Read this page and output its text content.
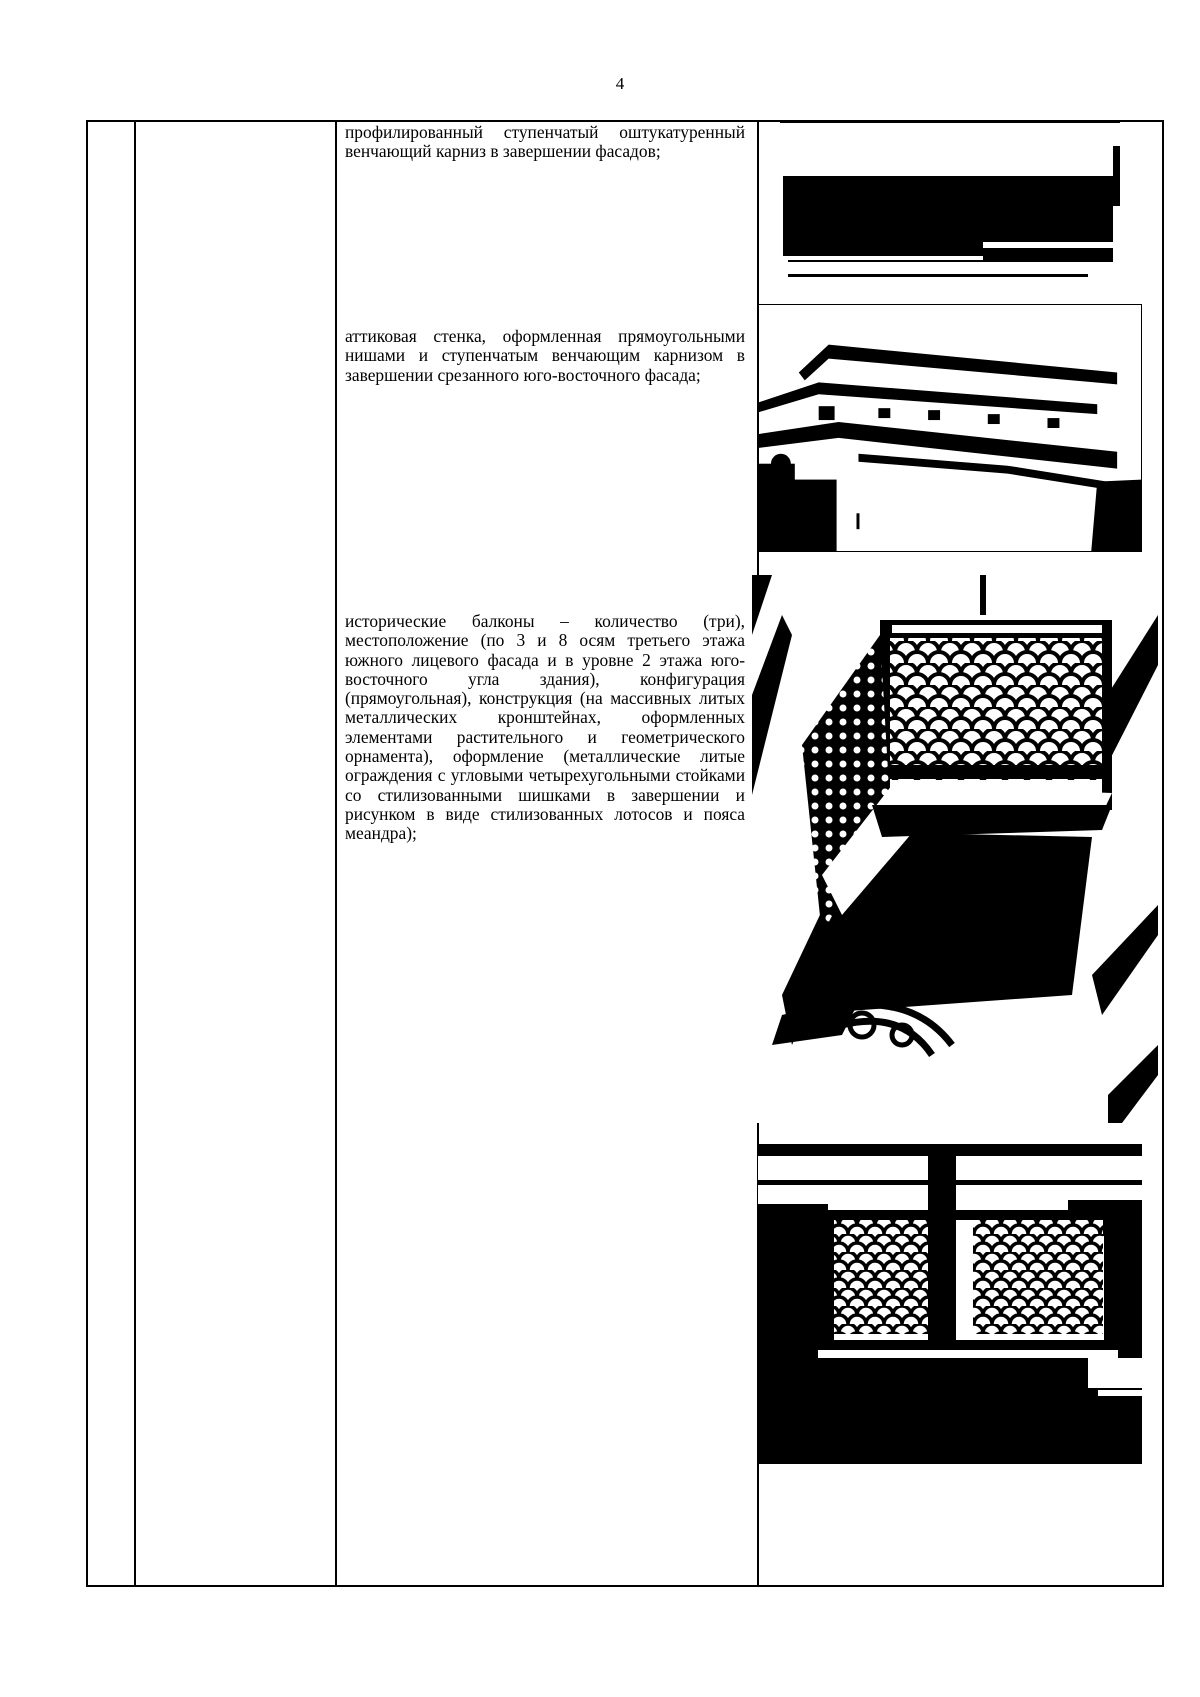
4
профилированный ступенчатый оштукатуренный венчающий карниз в завершении фасадов;
аттиковая стенка, оформленная прямоугольными нишами и ступенчатым венчающим карнизом в завершении срезанного юго-восточного фасада;
исторические балконы – количество (три), местоположение (по 3 и 8 осям третьего этажа южного лицевого фасада и в уровне 2 этажа юго-восточного угла здания), конфигурация (прямоугольная), конструкция (на массивных литых металлических кронштейнах, оформленных элементами растительного и геометрического орнамента), оформление (металлические литые ограждения с угловыми четырехугольными стойками со стилизованными шишками в завершении и рисунком в виде стилизованных лотосов и пояса меандра);
